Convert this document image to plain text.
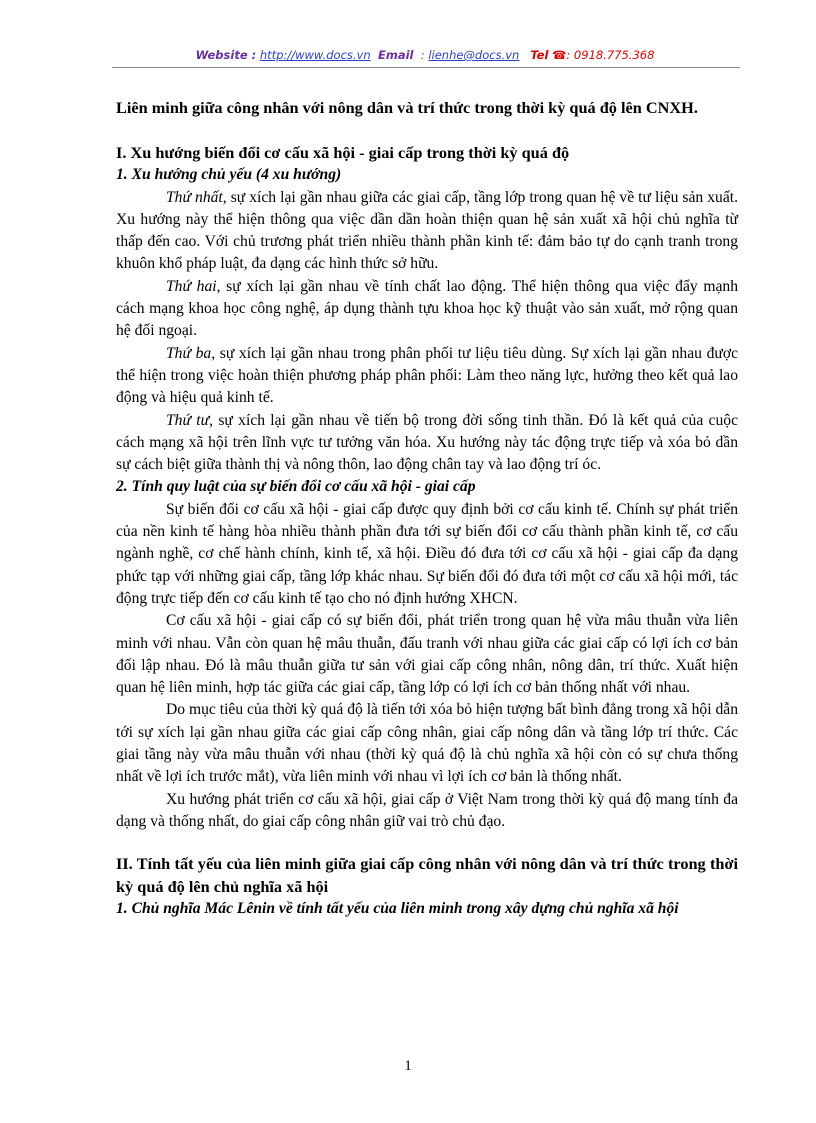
Website : http://www.docs.vn Email : lienhe@docs.vn Tel ☎: 0918.775.368

Liên minh giữa công nhân với nông dân và trí thức trong thời kỳ quá độ lên CNXH.

I. Xu hướng biến đổi cơ cấu xã hội - giai cấp trong thời kỳ quá độ

1. Xu hướng chủ yếu (4 xu hướng)

Thứ nhất, sự xích lại gần nhau giữa các giai cấp, tầng lớp trong quan hệ về tư liệu sản xuất. Xu hướng này thể hiện thông qua việc dần dần hoàn thiện quan hệ sản xuất xã hội chủ nghĩa từ thấp đến cao. Với chủ trương phát triển nhiều thành phần kinh tế: đảm bảo tự do cạnh tranh trong khuôn khổ pháp luật, đa dạng các hình thức sở hữu.

Thứ hai, sự xích lại gần nhau về tính chất lao động. Thể hiện thông qua việc đẩy mạnh cách mạng khoa học công nghệ, áp dụng thành tựu khoa học kỹ thuật vào sản xuất, mở rộng quan hệ đối ngoại.

Thứ ba, sự xích lại gần nhau trong phân phối tư liệu tiêu dùng. Sự xích lại gần nhau được thể hiện trong việc hoàn thiện phương pháp phân phối: Làm theo năng lực, hưởng theo kết quả lao động và hiệu quả kinh tế.

Thứ tư, sự xích lại gần nhau về tiến bộ trong đời sống tinh thần. Đó là kết quả của cuộc cách mạng xã hội trên lĩnh vực tư tưởng văn hóa. Xu hướng này tác động trực tiếp và xóa bỏ dần sự cách biệt giữa thành thị và nông thôn, lao động chân tay và lao động trí óc.

2. Tính quy luật của sự biến đổi cơ cấu xã hội - giai cấp

Sự biến đổi cơ cấu xã hội - giai cấp được quy định bởi cơ cấu kinh tế. Chính sự phát triển của nền kinh tế hàng hòa nhiều thành phần đưa tới sự biến đổi cơ cấu thành phần kinh tế, cơ cấu ngành nghề, cơ chế hành chính, kinh tế, xã hội. Điều đó đưa tới cơ cấu xã hội - giai cấp đa dạng phức tạp với những giai cấp, tầng lớp khác nhau. Sự biến đổi đó đưa tới một cơ cấu xã hội mới, tác động trực tiếp đến cơ cấu kinh tế tạo cho nó định hướng XHCN.

Cơ cấu xã hội - giai cấp có sự biến đổi, phát triển trong quan hệ vừa mâu thuẫn vừa liên minh với nhau. Vẫn còn quan hệ mâu thuẫn, đấu tranh với nhau giữa các giai cấp có lợi ích cơ bản đối lập nhau. Đó là mâu thuẫn giữa tư sản với giai cấp công nhân, nông dân, trí thức. Xuất hiện quan hệ liên minh, hợp tác giữa các giai cấp, tầng lớp có lợi ích cơ bản thống nhất với nhau.

Do mục tiêu của thời kỳ quá độ là tiến tới xóa bỏ hiện tượng bất bình đẳng trong xã hội dẫn tới sự xích lại gần nhau giữa các giai cấp công nhân, giai cấp nông dân và tầng lớp trí thức. Các giai tầng này vừa mâu thuẫn với nhau (thời kỳ quá độ là chủ nghĩa xã hội còn có sự chưa thống nhất về lợi ích trước mắt), vừa liên minh với nhau vì lợi ích cơ bản là thống nhất.

Xu hướng phát triển cơ cấu xã hội, giai cấp ở Việt Nam trong thời kỳ quá độ mang tính đa dạng và thống nhất, do giai cấp công nhân giữ vai trò chủ đạo.

II. Tính tất yếu của liên minh giữa giai cấp công nhân với nông dân và trí thức trong thời kỳ quá độ lên chủ nghĩa xã hội

1. Chủ nghĩa Mác Lênin về tính tất yếu của liên minh trong xây dựng chủ nghĩa xã hội

1
